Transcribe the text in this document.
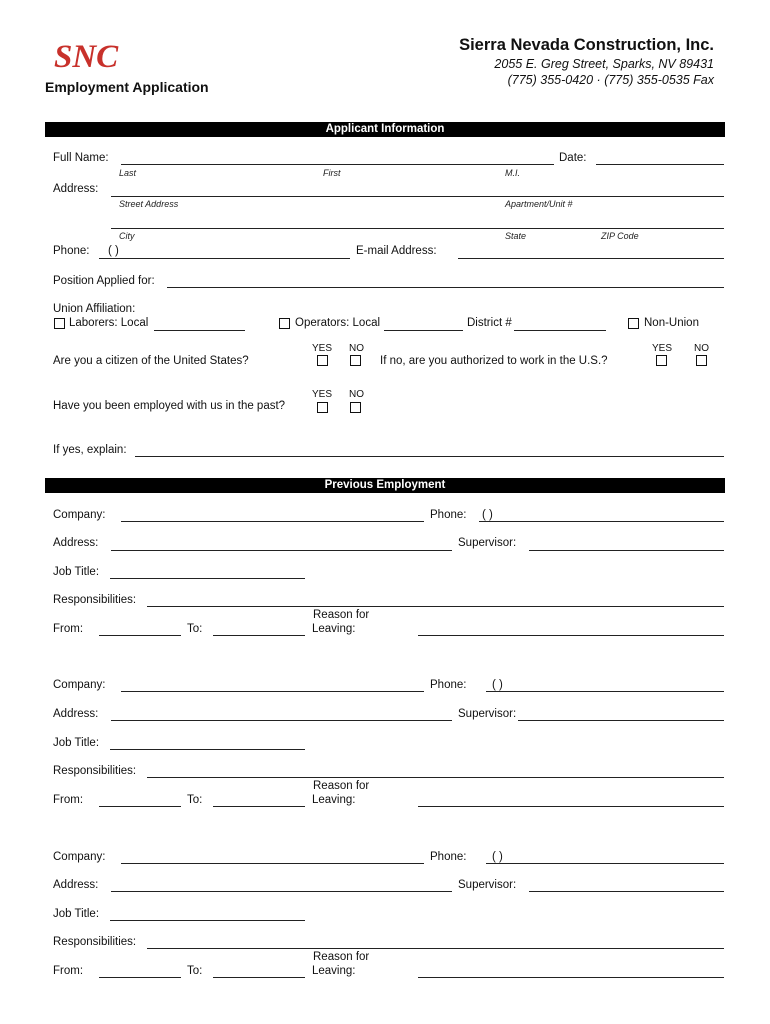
SNC	Sierra Nevada Construction, Inc.
2055 E. Greg Street, Sparks, NV 89431
(775) 355-0420 · (775) 355-0535 Fax
Employment Application
Applicant Information
Full Name:	Date:
Last	First	M.I.
Address:
Street Address	Apartment/Unit #
City	State	ZIP Code
Phone: ( )	E-mail Address:
Position Applied for:
Union Affiliation:
Laborers: Local	Operators: Local	District #	Non-Union
YES NO	YES NO
Are you a citizen of the United States?	If no, are you authorized to work in the U.S.?
YES NO
Have you been employed with us in the past?
If yes, explain:
Previous Employment
Company:	Phone: ( )
Address:	Supervisor:
Job Title:
Responsibilities:
From:	To:
Reason for
Leaving:
Company:	Phone: ( )
Address:	Supervisor:
Job Title:
Responsibilities:
From:	To:
Reason for
Leaving:
Company:	Phone: ( )
Address:	Supervisor:
Job Title:
Responsibilities:
From:	To:
Reason for
Leaving:
